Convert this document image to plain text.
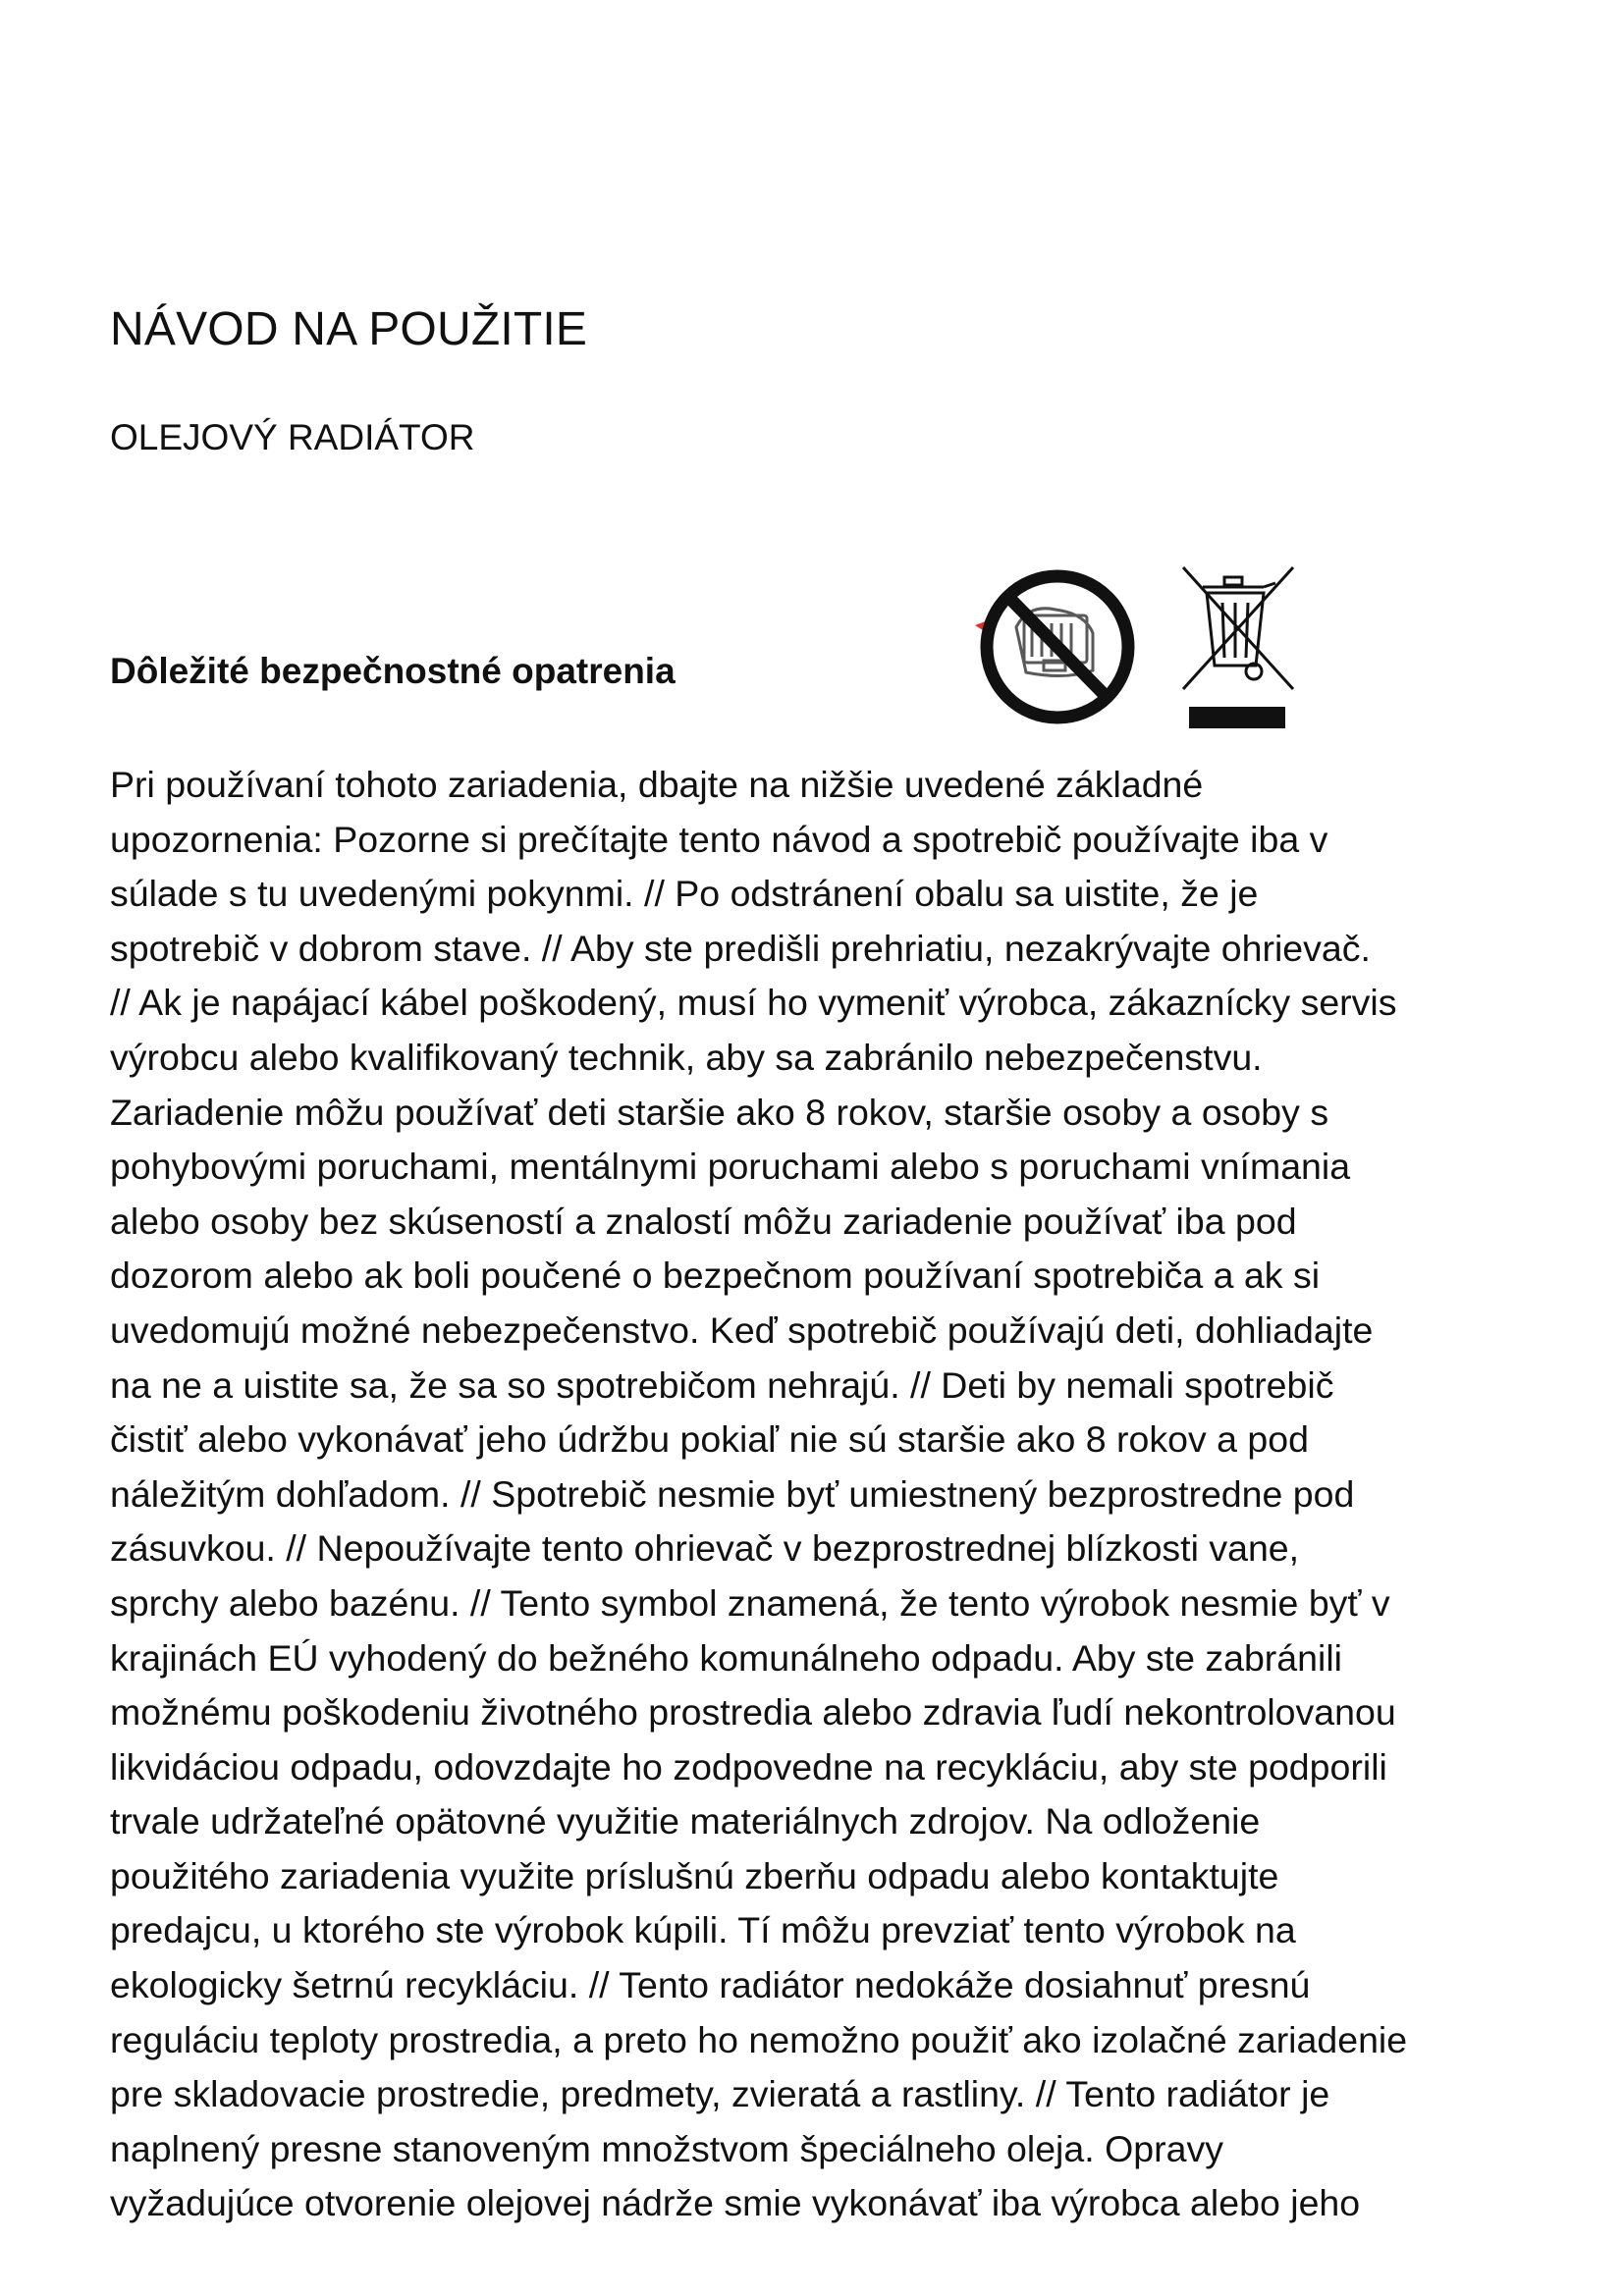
NÁVOD NA POUŽITIE
OLEJOVÝ RADIÁTOR
Dôležité bezpečnostné opatrenia

Pri používaní tohoto zariadenia, dbajte na nižšie uvedené základné
upozornenia: Pozorne si prečítajte tento návod a spotrebič používajte iba v
súlade s tu uvedenými pokynmi. // Po odstránení obalu sa uistite, že je
spotrebič v dobrom stave. // Aby ste predišli prehriatiu, nezakrývajte ohrievač.
// Ak je napájací kábel poškodený, musí ho vymeniť výrobca, zákaznícky servis
výrobcu alebo kvalifikovaný technik, aby sa zabránilo nebezpečenstvu.
Zariadenie môžu používať deti staršie ako 8 rokov, staršie osoby a osoby s
pohybovými poruchami, mentálnymi poruchami alebo s poruchami vnímania
alebo osoby bez skúseností a znalostí môžu zariadenie používať iba pod
dozorom alebo ak boli poučené o bezpečnom používaní spotrebiča a ak si
uvedomujú možné nebezpečenstvo. Keď spotrebič používajú deti, dohliadajte
na ne a uistite sa, že sa so spotrebičom nehrajú. // Deti by nemali spotrebič
čistiť alebo vykonávať jeho údržbu pokiaľ nie sú staršie ako 8 rokov a pod
náležitým dohľadom. // Spotrebič nesmie byť umiestnený bezprostredne pod
zásuvkou. // Nepoužívajte tento ohrievač v bezprostrednej blízkosti vane,
sprchy alebo bazénu. // Tento symbol znamená, že tento výrobok nesmie byť v
krajinách EÚ vyhodený do bežného komunálneho odpadu. Aby ste zabránili
možnému poškodeniu životného prostredia alebo zdravia ľudí nekontrolovanou
likvidáciou odpadu, odovzdajte ho zodpovedne na recykláciu, aby ste podporili
trvale udržateľné opätovné využitie materiálnych zdrojov. Na odloženie
použitého zariadenia využite príslušnú zberňu odpadu alebo kontaktujte
predajcu, u ktorého ste výrobok kúpili. Tí môžu prevziať tento výrobok na
ekologicky šetrnú recykláciu. // Tento radiátor nedokáže dosiahnuť presnú
reguláciu teploty prostredia, a preto ho nemožno použiť ako izolačné zariadenie
pre skladovacie prostredie, predmety, zvieratá a rastliny. // Tento radiátor je
naplnený presne stanoveným množstvom špeciálneho oleja. Opravy
vyžadujúce otvorenie olejovej nádrže smie vykonávať iba výrobca alebo jeho
